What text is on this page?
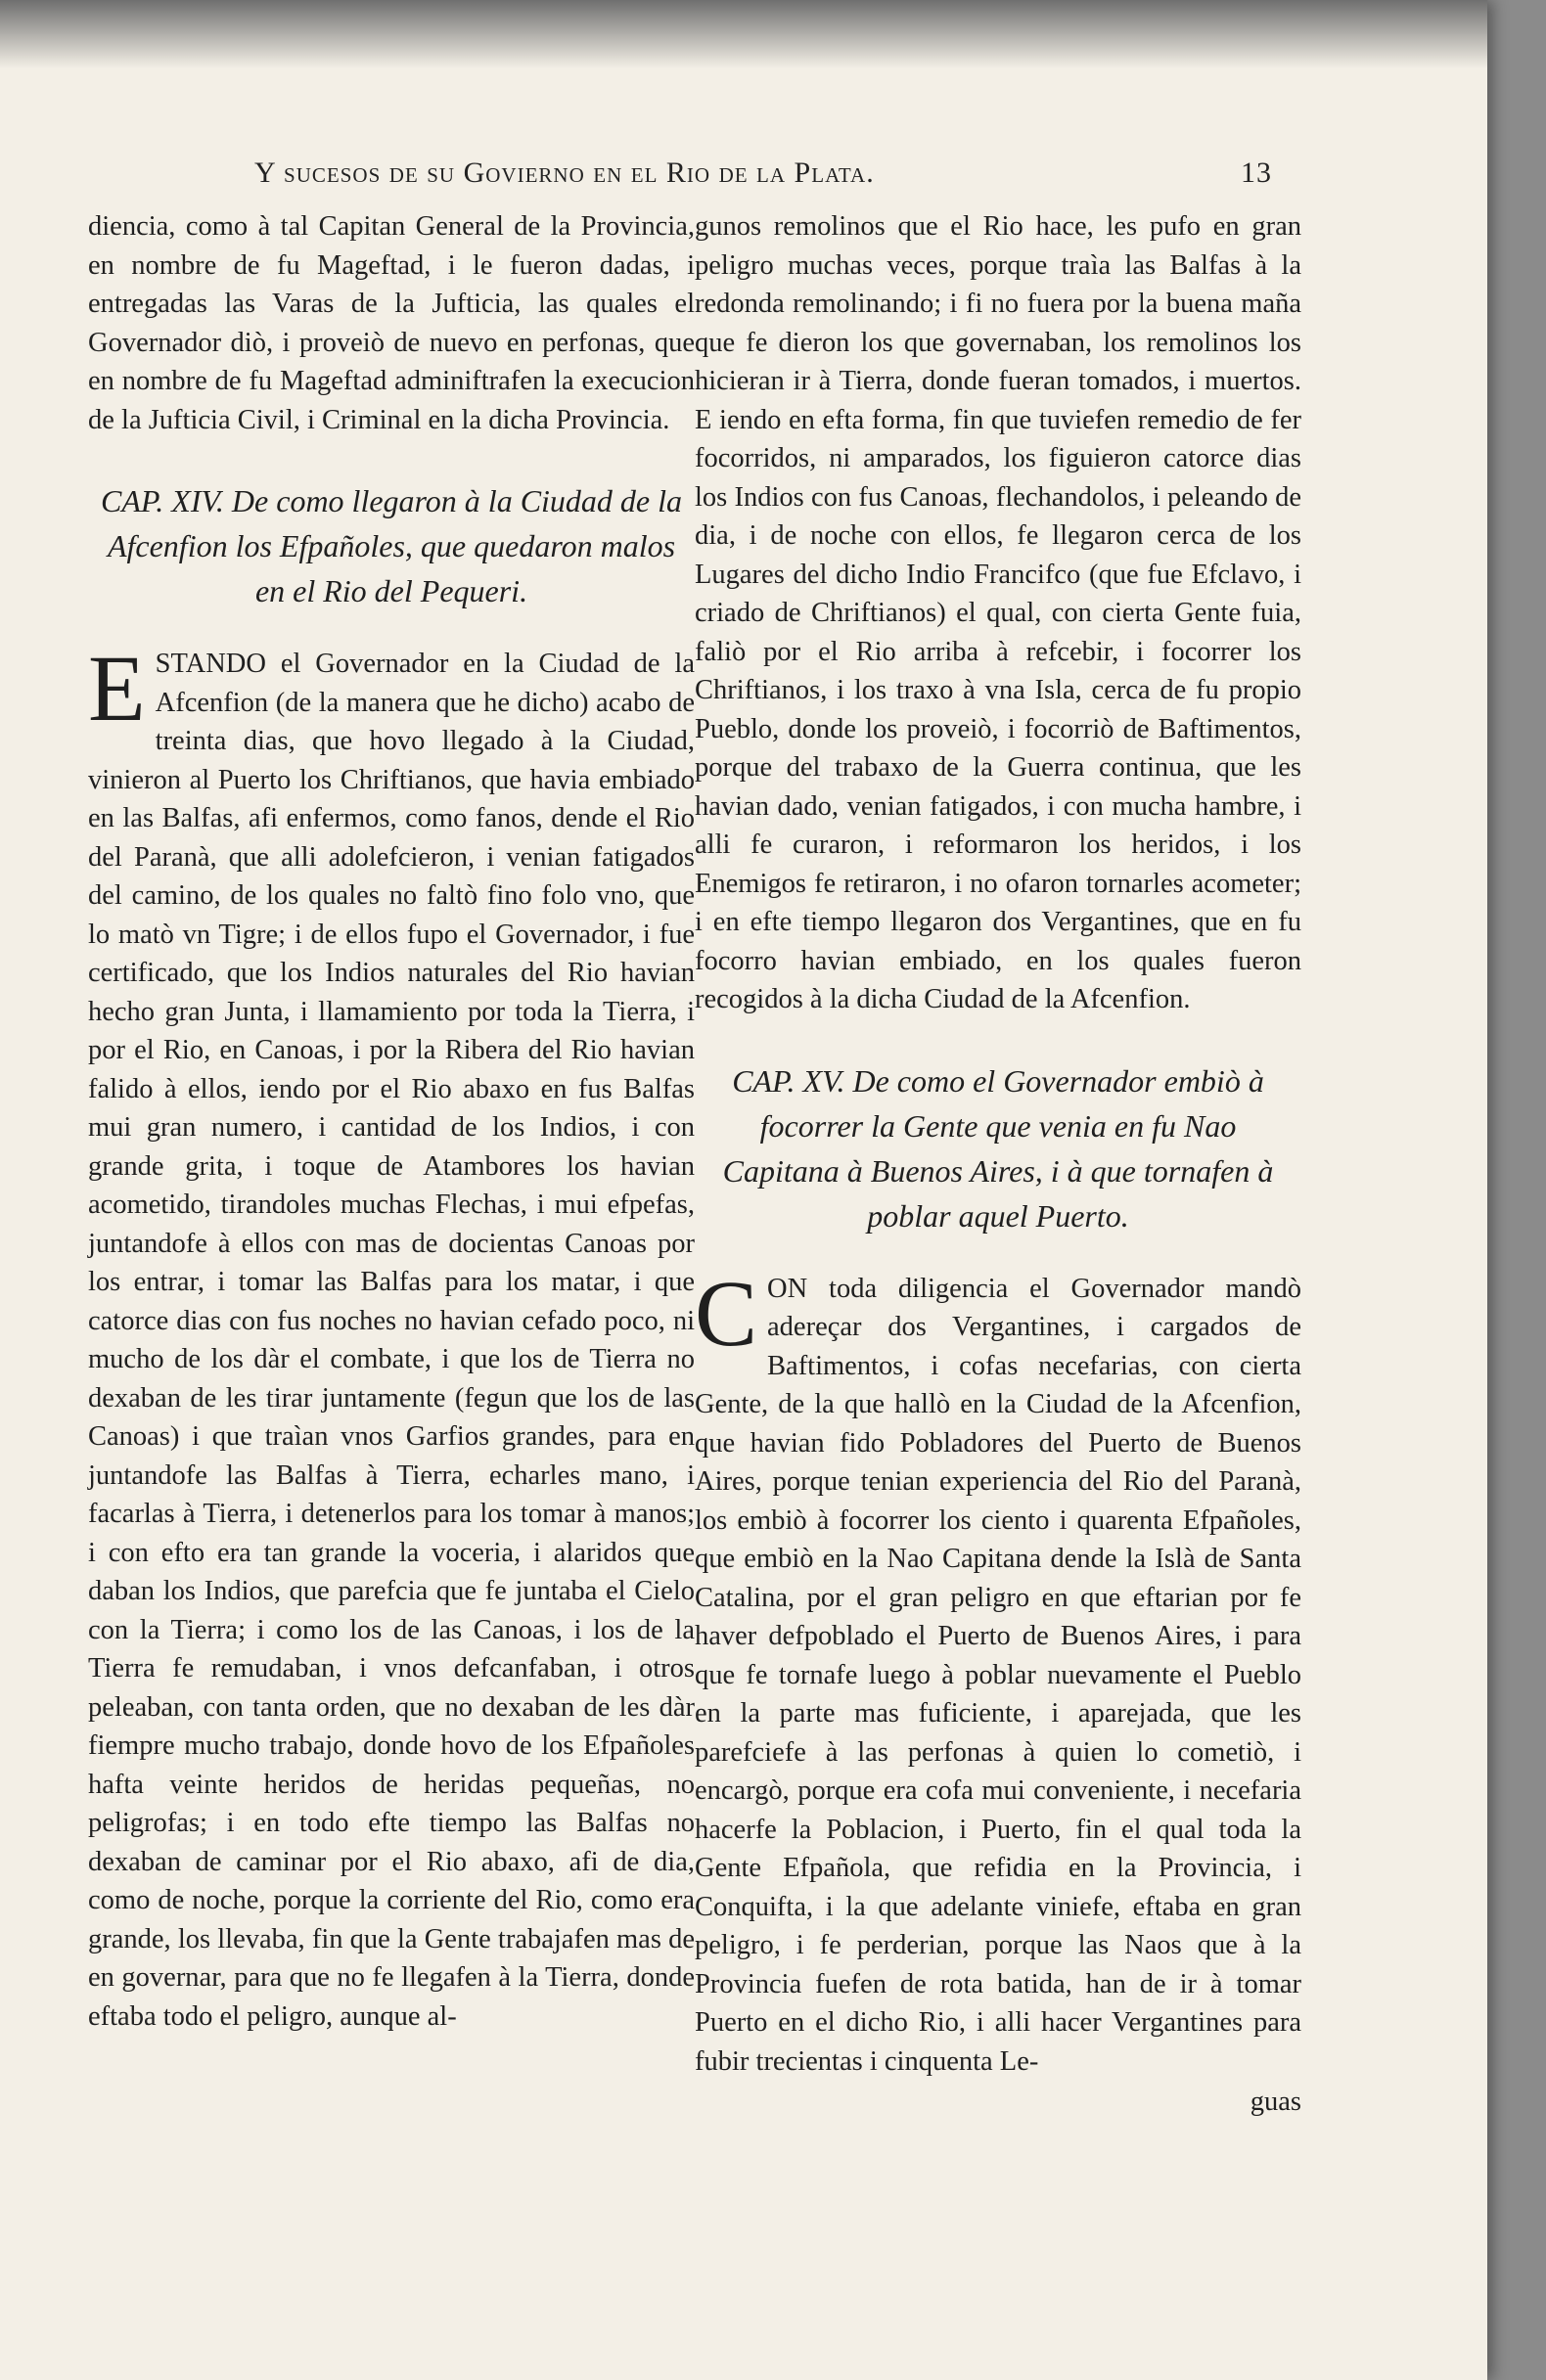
Y sucesos de su Govierno en el Rio de la Plata.	13

diencia, como à tal Capitan General de la Provincia, en nombre de fu Mageftad, i le fueron dadas, i entregadas las Varas de la Jufticia, las quales el Governador diò, i proveiò de nuevo en perfonas, que en nombre de fu Mageftad adminiftrafen la execucion de la Jufticia Civil, i Criminal en la dicha Provincia.

CAP. XIV. De como llegaron à la Ciudad de la Afcenfion los Efpañoles, que quedaron malos en el Rio del Pequeri.

E STANDO el Governador en la Ciudad de la Afcenfion (de la manera que he dicho) acabo de treinta dias, que hovo llegado à la Ciudad, vinieron al Puerto los Chriftianos, que havia embiado en las Balfas, afi enfermos, como fanos, dende el Rio del Paranà, que alli adolefcieron, i venian fatigados del camino, de los quales no faltò fino folo vno, que lo matò vn Tigre; i de ellos fupo el Governador, i fue certificado, que los Indios naturales del Rio havian hecho gran Junta, i llamamiento por toda la Tierra, i por el Rio, en Canoas, i por la Ribera del Rio havian falido à ellos, iendo por el Rio abaxo en fus Balfas mui gran numero, i cantidad de los Indios, i con grande grita, i toque de Atambores los havian acometido, tirandoles muchas Flechas, i mui efpefas, juntandofe à ellos con mas de docientas Canoas por los entrar, i tomar las Balfas para los matar, i que catorce dias con fus noches no havian cefado poco, ni mucho de los dàr el combate, i que los de Tierra no dexaban de les tirar juntamente (fegun que los de las Canoas) i que traìan vnos Garfios grandes, para en juntandofe las Balfas à Tierra, echarles mano, i facarlas à Tierra, i detenerlos para los tomar à manos; i con efto era tan grande la voceria, i alaridos que daban los Indios, que parefcia que fe juntaba el Cielo con la Tierra; i como los de las Canoas, i los de la Tierra fe remudaban, i vnos defcanfaban, i otros peleaban, con tanta orden, que no dexaban de les dàr fiempre mucho trabajo, donde hovo de los Efpañoles hafta veinte heridos de heridas pequeñas, no peligrofas; i en todo efte tiempo las Balfas no dexaban de caminar por el Rio abaxo, afi de dia, como de noche, porque la corriente del Rio, como era grande, los llevaba, fin que la Gente trabajafen mas de en governar, para que no fe llegafen à la Tierra, donde eftaba todo el peligro, aunque al-

gunos remolinos que el Rio hace, les pufo en gran peligro muchas veces, porque traìa las Balfas à la redonda remolinando; i fi no fuera por la buena maña que fe dieron los que governaban, los remolinos los hicieran ir à Tierra, donde fueran tomados, i muertos. E iendo en efta forma, fin que tuviefen remedio de fer focorridos, ni amparados, los figuieron catorce dias los Indios con fus Canoas, flechandolos, i peleando de dia, i de noche con ellos, fe llegaron cerca de los Lugares del dicho Indio Francifco (que fue Efclavo, i criado de Chriftianos) el qual, con cierta Gente fuia, faliò por el Rio arriba à refcebir, i focorrer los Chriftianos, i los traxo à vna Isla, cerca de fu propio Pueblo, donde los proveiò, i focorriò de Baftimentos, porque del trabaxo de la Guerra continua, que les havian dado, venian fatigados, i con mucha hambre, i alli fe curaron, i reformaron los heridos, i los Enemigos fe retiraron, i no ofaron tornarles acometer; i en efte tiempo llegaron dos Vergantines, que en fu focorro havian embiado, en los quales fueron recogidos à la dicha Ciudad de la Afcenfion.

CAP. XV. De como el Governador embiò à focorrer la Gente que venia en fu Nao Capitana à Buenos Aires, i à que tornafen à poblar aquel Puerto.

C ON toda diligencia el Governador mandò adereçar dos Vergantines, i cargados de Baftimentos, i cofas necefarias, con cierta Gente, de la que hallò en la Ciudad de la Afcenfion, que havian fido Pobladores del Puerto de Buenos Aires, porque tenian experiencia del Rio del Paranà, los embiò à focorrer los ciento i quarenta Efpañoles, que embiò en la Nao Capitana dende la Islà de Santa Catalina, por el gran peligro en que eftarian por fe haver defpoblado el Puerto de Buenos Aires, i para que fe tornafe luego à poblar nuevamente el Pueblo en la parte mas fuficiente, i aparejada, que les parefciefe à las perfonas à quien lo cometiò, i encargò, porque era cofa mui conveniente, i necefaria hacerfe la Poblacion, i Puerto, fin el qual toda la Gente Efpañola, que refidia en la Provincia, i Conquifta, i la que adelante viniefe, eftaba en gran peligro, i fe perderian, porque las Naos que à la Provincia fuefen de rota batida, han de ir à tomar Puerto en el dicho Rio, i alli hacer Vergantines para fubir trecientas i cinquenta Le-

guas
